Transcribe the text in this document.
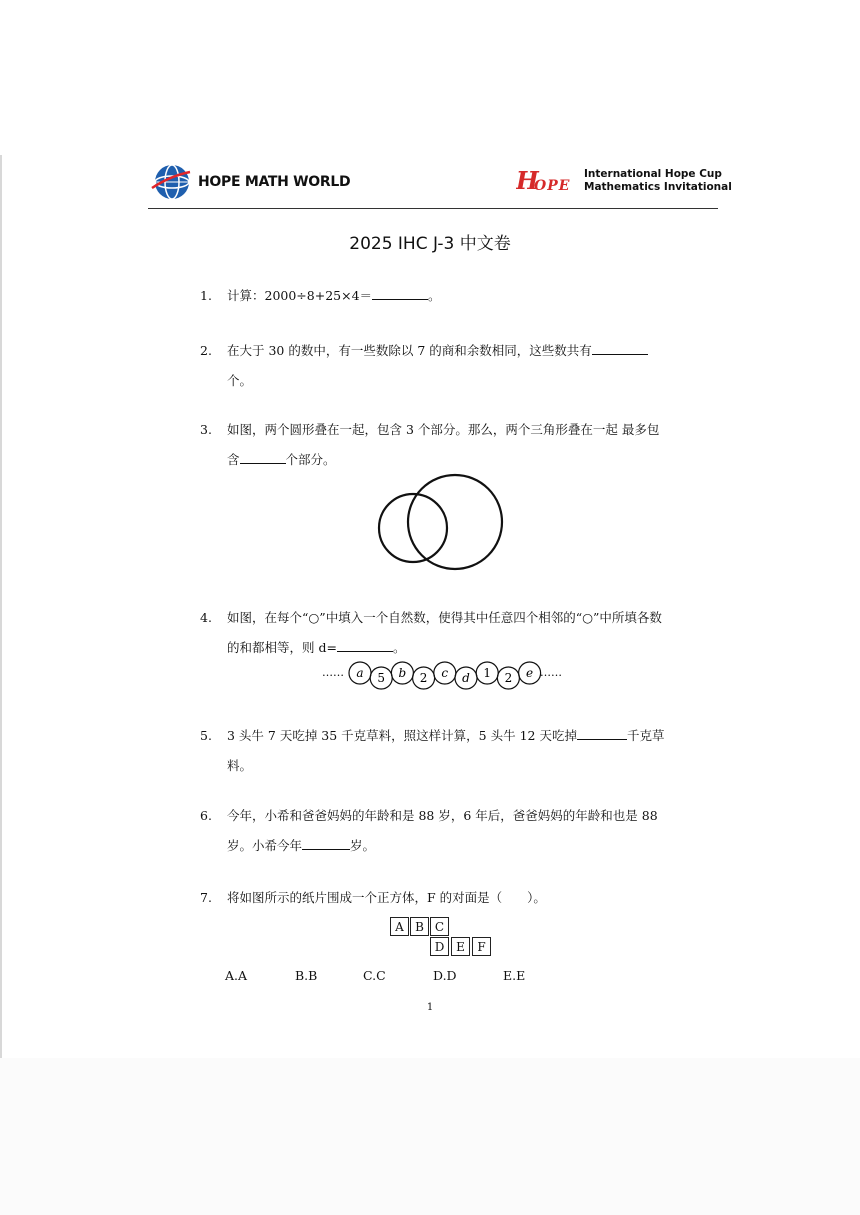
HOPE MATH WORLD	H
OPE
International Hope Cup
Mathematics Invitational
2025 IHC J-3 中文卷
1.	计算：2000÷8+25×4＝	。
2.	在大于 30 的数中，有一些数除以 7 的商和余数相同，这些数共有个。
3.	如图，两个圆形叠在一起，包含 3 个部分。那么，两个三角形叠在一起 最多包含	个部分。
4.	如图，在每个“○”中填入一个自然数，使得其中任意四个相邻的“○”中所填各数的和都相等，则 d=	。
…… a 5 b 2 c d 1 2 e ……
5.	3 头牛 7 天吃掉 35 千克草料，照这样计算，5 头牛 12 天吃掉	千克草料。
6.	今年，小希和爸爸妈妈的年龄和是 88 岁，6 年后，爸爸妈妈的年龄和也是 88 岁。小希今年	岁。
7.	将如图所示的纸片围成一个正方体，F 的对面是（　　）。
A B C
D E	F
A.A	B.B	C.C	D.D	E.E
1
